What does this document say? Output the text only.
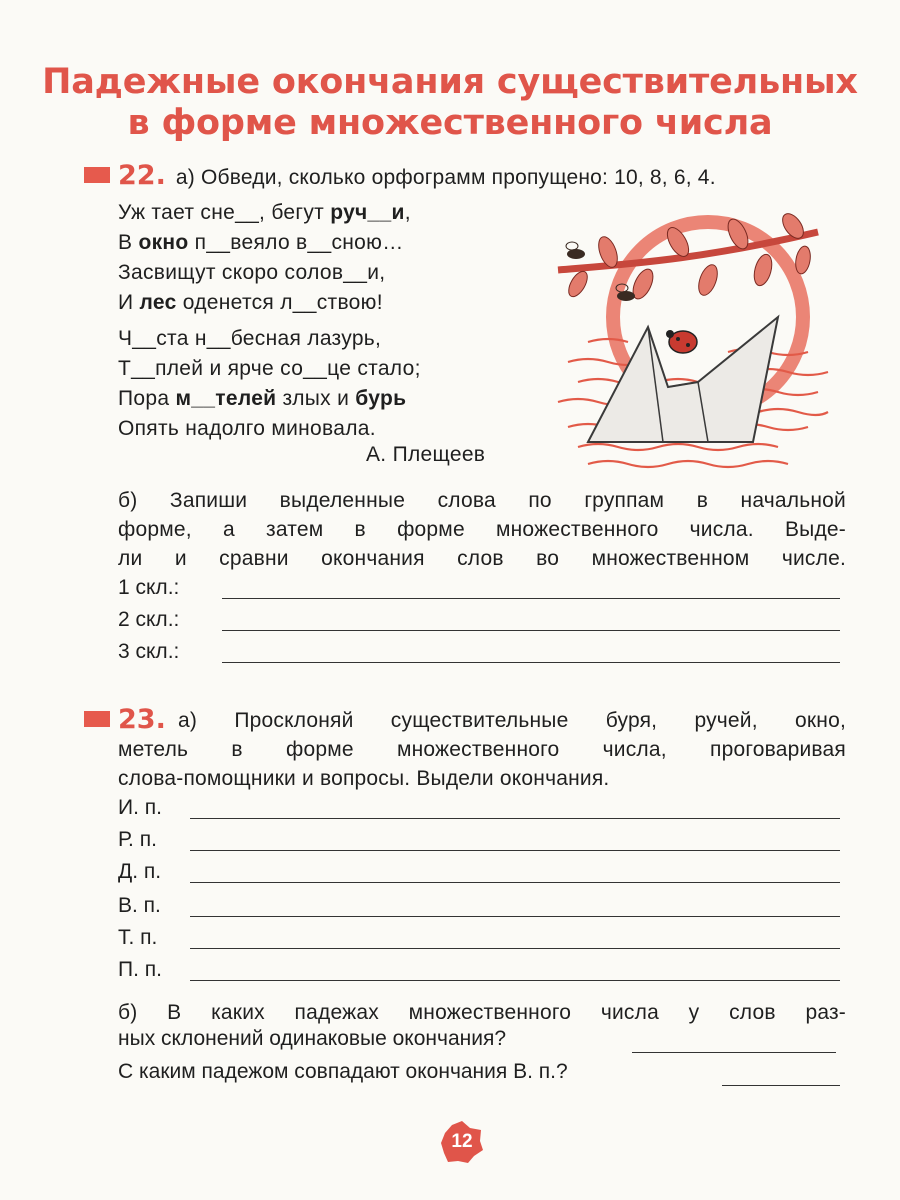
Падежные окончания существительных
в форме множественного числа
22. а) Обведи, сколько орфограмм пропущено: 10, 8, 6, 4.
Уж тает сне__, бегут руч__и,
В окно п__веяло в__сною…
Засвищут скоро солов__и,
И лес оденется л__ствою!
Ч__ста н__бесная лазурь,
Т__плей и ярче со__це стало;
Пора м__телей злых и бурь
Опять надолго миновала.
А. Плещеев
б) Запиши выделенные слова по группам в начальной
форме, а затем в форме множественного числа. Выде-
ли и сравни окончания слов во множественном числе.
1 скл.:
2 скл.:
3 скл.:
23. а) Просклоняй существительные буря, ручей, окно,
метель в форме множественного числа, проговаривая
слова-помощники и вопросы. Выдели окончания.
И. п.
Р. п.
Д. п.
В. п.
Т. п.
П. п.
б) В каких падежах множественного числа у слов раз-
ных склонений одинаковые окончания?
С каким падежом совпадают окончания В. п.?
12
